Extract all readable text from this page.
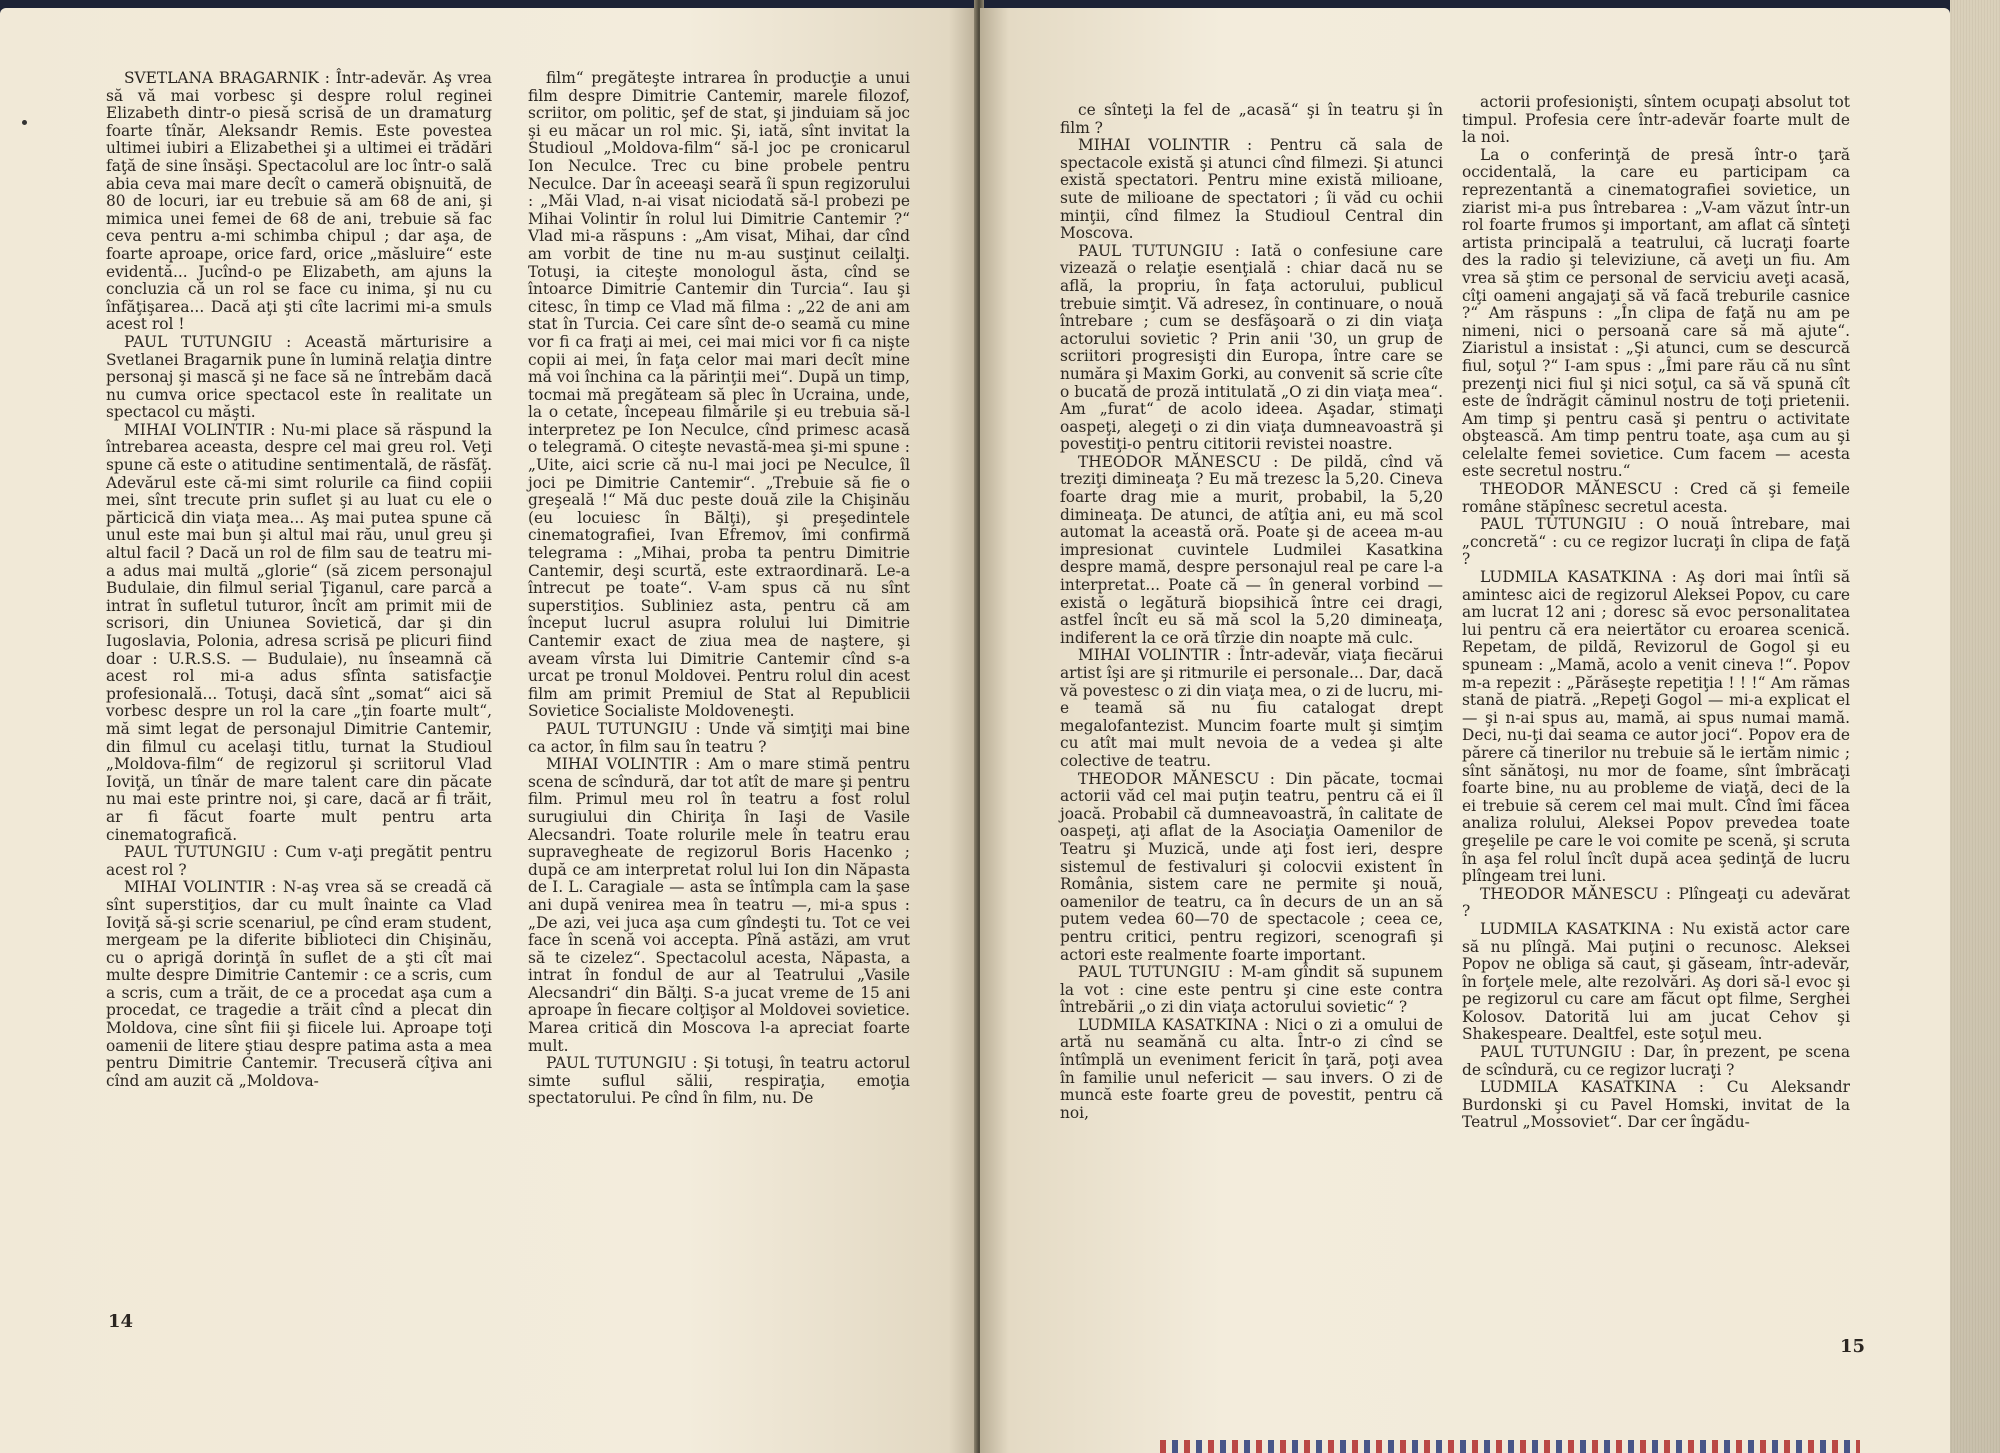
SVETLANA BRAGARNIK : Într-adevăr. Aş vrea să vă mai vorbesc şi despre rolul reginei Elizabeth dintr-o piesă scrisă de un dramaturg foarte tînăr, Aleksandr Remis. Este povestea ultimei iubiri a Elizabethei şi a ultimei ei trădări faţă de sine însăşi. Spectacolul are loc într-o sală abia ceva mai mare decît o cameră obişnuită, de 80 de locuri, iar eu trebuie să am 68 de ani, şi mimica unei femei de 68 de ani, trebuie să fac ceva pentru a-mi schimba chipul ; dar aşa, de foarte aproape, orice fard, orice „măsluire“ este evidentă... Jucînd-o pe Elizabeth, am ajuns la concluzia că un rol se face cu inima, şi nu cu înfăţişarea... Dacă aţi şti cîte lacrimi mi-a smuls acest rol !

PAUL TUTUNGIU : Această mărturisire a Svetlanei Bragarnik pune în lumină relaţia dintre personaj şi mască şi ne face să ne întrebăm dacă nu cumva orice spectacol este în realitate un spectacol cu măşti.

MIHAI VOLINTIR : Nu-mi place să răspund la întrebarea aceasta, despre cel mai greu rol. Veţi spune că este o atitudine sentimentală, de răsfăţ. Adevărul este că-mi simt rolurile ca fiind copiii mei, sînt trecute prin suflet şi au luat cu ele o părticică din viaţa mea... Aş mai putea spune că unul este mai bun şi altul mai rău, unul greu şi altul facil ? Dacă un rol de film sau de teatru mi-a adus mai multă „glorie“ (să zicem personajul Budulaie, din filmul serial Ţiganul, care parcă a intrat în sufletul tuturor, încît am primit mii de scrisori, din Uniunea Sovietică, dar şi din Iugoslavia, Polonia, adresa scrisă pe plicuri fiind doar : U.R.S.S. — Budulaie), nu înseamnă că acest rol mi-a adus sfînta satisfacţie profesională... Totuşi, dacă sînt „somat“ aici să vorbesc despre un rol la care „ţin foarte mult“, mă simt legat de personajul Dimitrie Cantemir, din filmul cu acelaşi titlu, turnat la Studioul „Moldova-film“ de regizorul şi scriitorul Vlad Ioviţă, un tînăr de mare talent care din păcate nu mai este printre noi, şi care, dacă ar fi trăit, ar fi făcut foarte mult pentru arta cinematografică.

PAUL TUTUNGIU : Cum v-aţi pregătit pentru acest rol ?

MIHAI VOLINTIR : N-aş vrea să se creadă că sînt superstiţios, dar cu mult înainte ca Vlad Ioviţă să-şi scrie scenariul, pe cînd eram student, mergeam pe la diferite biblioteci din Chişinău, cu o aprigă dorinţă în suflet de a şti cît mai multe despre Dimitrie Cantemir : ce a scris, cum a scris, cum a trăit, de ce a procedat aşa cum a procedat, ce tragedie a trăit cînd a plecat din Moldova, cine sînt fiii şi fiicele lui. Aproape toţi oamenii de litere ştiau despre patima asta a mea pentru Dimitrie Cantemir. Trecuseră cîţiva ani cînd am auzit că „Moldova-

film“ pregăteşte intrarea în producţie a unui film despre Dimitrie Cantemir, marele filozof, scriitor, om politic, şef de stat, şi jinduiam să joc şi eu măcar un rol mic. Şi, iată, sînt invitat la Studioul „Moldova-film“ să-l joc pe cronicarul Ion Neculce. Trec cu bine probele pentru Neculce. Dar în aceeaşi seară îi spun regizorului : „Măi Vlad, n-ai visat niciodată să-l probezi pe Mihai Volintir în rolul lui Dimitrie Cantemir ?“ Vlad mi-a răspuns : „Am visat, Mihai, dar cînd am vorbit de tine nu m-au susţinut ceilalţi. Totuşi, ia citeşte monologul ăsta, cînd se întoarce Dimitrie Cantemir din Turcia“. Iau şi citesc, în timp ce Vlad mă filma : „22 de ani am stat în Turcia. Cei care sînt de-o seamă cu mine vor fi ca fraţi ai mei, cei mai mici vor fi ca nişte copii ai mei, în faţa celor mai mari decît mine mă voi închina ca la părinţii mei“. După un timp, tocmai mă pregăteam să plec în Ucraina, unde, la o cetate, începeau filmările şi eu trebuia să-l interpretez pe Ion Neculce, cînd primesc acasă o telegramă. O citeşte nevastă-mea şi-mi spune : „Uite, aici scrie că nu-l mai joci pe Neculce, îl joci pe Dimitrie Cantemir“. „Trebuie să fie o greşeală !“ Mă duc peste două zile la Chişinău (eu locuiesc în Bălţi), şi preşedintele cinematografiei, Ivan Efremov, îmi confirmă telegrama : „Mihai, proba ta pentru Dimitrie Cantemir, deşi scurtă, este extraordinară. Le-a întrecut pe toate“. V-am spus că nu sînt superstiţios. Subliniez asta, pentru că am început lucrul asupra rolului lui Dimitrie Cantemir exact de ziua mea de naştere, şi aveam vîrsta lui Dimitrie Cantemir cînd s-a urcat pe tronul Moldovei. Pentru rolul din acest film am primit Premiul de Stat al Republicii Sovietice Socialiste Moldoveneşti.

PAUL TUTUNGIU : Unde vă simţiţi mai bine ca actor, în film sau în teatru ?

MIHAI VOLINTIR : Am o mare stimă pentru scena de scîndură, dar tot atît de mare şi pentru film. Primul meu rol în teatru a fost rolul surugiului din Chiriţa în Iaşi de Vasile Alecsandri. Toate rolurile mele în teatru erau supravegheate de regizorul Boris Hacenko ; după ce am interpretat rolul lui Ion din Năpasta de I. L. Caragiale — asta se întîmpla cam la şase ani după venirea mea în teatru —, mi-a spus : „De azi, vei juca aşa cum gîndeşti tu. Tot ce vei face în scenă voi accepta. Pînă astăzi, am vrut să te cizelez“. Spectacolul acesta, Năpasta, a intrat în fondul de aur al Teatrului „Vasile Alecsandri“ din Bălţi. S-a jucat vreme de 15 ani aproape în fiecare colţişor al Moldovei sovietice. Marea critică din Moscova l-a apreciat foarte mult.

PAUL TUTUNGIU : Şi totuşi, în teatru actorul simte suflul sălii, respiraţia, emoţia spectatorului. Pe cînd în film, nu. De

14

ce sînteţi la fel de „acasă“ şi în teatru şi în film ?

MIHAI VOLINTIR : Pentru că sala de spectacole există şi atunci cînd filmezi. Şi atunci există spectatori. Pentru mine există milioane, sute de milioane de spectatori ; îi văd cu ochii minţii, cînd filmez la Studioul Central din Moscova.

PAUL TUTUNGIU : Iată o confesiune care vizează o relaţie esenţială : chiar dacă nu se află, la propriu, în faţa actorului, publicul trebuie simţit. Vă adresez, în continuare, o nouă întrebare ; cum se desfăşoară o zi din viaţa actorului sovietic ? Prin anii '30, un grup de scriitori progresişti din Europa, între care se număra şi Maxim Gorki, au convenit să scrie cîte o bucată de proză intitulată „O zi din viaţa mea“. Am „furat“ de acolo ideea. Aşadar, stimaţi oaspeţi, alegeţi o zi din viaţa dumneavoastră şi povestiţi-o pentru cititorii revistei noastre.

THEODOR MĂNESCU : De pildă, cînd vă treziţi dimineaţa ? Eu mă trezesc la 5,20. Cineva foarte drag mie a murit, probabil, la 5,20 dimineaţa. De atunci, de atîţia ani, eu mă scol automat la această oră. Poate şi de aceea m-au impresionat cuvintele Ludmilei Kasatkina despre mamă, despre personajul real pe care l-a interpretat... Poate că — în general vorbind — există o legătură biopsihică între cei dragi, astfel încît eu să mă scol la 5,20 dimineaţa, indiferent la ce oră tîrzie din noapte mă culc.

MIHAI VOLINTIR : Într-adevăr, viaţa fiecărui artist îşi are şi ritmurile ei personale... Dar, dacă vă povestesc o zi din viaţa mea, o zi de lucru, mi-e teamă să nu fiu catalogat drept megalofantezist. Muncim foarte mult şi simţim cu atît mai mult nevoia de a vedea şi alte colective de teatru.

THEODOR MĂNESCU : Din păcate, tocmai actorii văd cel mai puţin teatru, pentru că ei îl joacă. Probabil că dumneavoastră, în calitate de oaspeţi, aţi aflat de la Asociaţia Oamenilor de Teatru şi Muzică, unde aţi fost ieri, despre sistemul de festivaluri şi colocvii existent în România, sistem care ne permite şi nouă, oamenilor de teatru, ca în decurs de un an să putem vedea 60—70 de spectacole ; ceea ce, pentru critici, pentru regizori, scenografi şi actori este realmente foarte important.

PAUL TUTUNGIU : M-am gîndit să supunem la vot : cine este pentru şi cine este contra întrebării „o zi din viaţa actorului sovietic“ ?

LUDMILA KASATKINA : Nici o zi a omului de artă nu seamănă cu alta. Într-o zi cînd se întîmplă un eveniment fericit în ţară, poţi avea în familie unul nefericit — sau invers. O zi de muncă este foarte greu de povestit, pentru că noi,

actorii profesionişti, sîntem ocupaţi absolut tot timpul. Profesia cere într-adevăr foarte mult de la noi.

La o conferinţă de presă într-o ţară occidentală, la care eu participam ca reprezentantă a cinematografiei sovietice, un ziarist mi-a pus întrebarea : „V-am văzut într-un rol foarte frumos şi important, am aflat că sînteţi artista principală a teatrului, că lucraţi foarte des la radio şi televiziune, că aveţi un fiu. Am vrea să ştim ce personal de serviciu aveţi acasă, cîţi oameni angajaţi să vă facă treburile casnice ?“ Am răspuns : „În clipa de faţă nu am pe nimeni, nici o persoană care să mă ajute“. Ziaristul a insistat : „Şi atunci, cum se descurcă fiul, soţul ?“ I-am spus : „Îmi pare rău că nu sînt prezenţi nici fiul şi nici soţul, ca să vă spună cît este de îndrăgit căminul nostru de toţi prietenii. Am timp şi pentru casă şi pentru o activitate obştească. Am timp pentru toate, aşa cum au şi celelalte femei sovietice. Cum facem — acesta este secretul nostru.“

THEODOR MĂNESCU : Cred că şi femeile române stăpînesc secretul acesta.

PAUL TUTUNGIU : O nouă întrebare, mai „concretă“ : cu ce regizor lucraţi în clipa de faţă ?

LUDMILA KASATKINA : Aş dori mai întîi să amintesc aici de regizorul Aleksei Popov, cu care am lucrat 12 ani ; doresc să evoc personalitatea lui pentru că era neiertător cu eroarea scenică. Repetam, de pildă, Revizorul de Gogol şi eu spuneam : „Mamă, acolo a venit cineva !“. Popov m-a repezit : „Părăseşte repetiţia ! ! !“ Am rămas stană de piatră. „Repeţi Gogol — mi-a explicat el — şi n-ai spus au, mamă, ai spus numai mamă. Deci, nu-ţi dai seama ce autor joci“. Popov era de părere că tinerilor nu trebuie să le iertăm nimic ; sînt sănătoşi, nu mor de foame, sînt îmbrăcaţi foarte bine, nu au probleme de viaţă, deci de la ei trebuie să cerem cel mai mult. Cînd îmi făcea analiza rolului, Aleksei Popov prevedea toate greşelile pe care le voi comite pe scenă, şi scruta în aşa fel rolul încît după acea şedinţă de lucru plîngeam trei luni.

THEODOR MĂNESCU : Plîngeaţi cu adevărat ?

LUDMILA KASATKINA : Nu există actor care să nu plîngă. Mai puţini o recunosc. Aleksei Popov ne obliga să caut, şi găseam, într-adevăr, în forţele mele, alte rezolvări. Aş dori să-l evoc şi pe regizorul cu care am făcut opt filme, Serghei Kolosov. Datorită lui am jucat Cehov şi Shakespeare. Dealtfel, este soţul meu.

PAUL TUTUNGIU : Dar, în prezent, pe scena de scîndură, cu ce regizor lucraţi ?

LUDMILA KASATKINA : Cu Aleksandr Burdonski şi cu Pavel Homski, invitat de la Teatrul „Mossoviet“. Dar cer îngădu-

15
